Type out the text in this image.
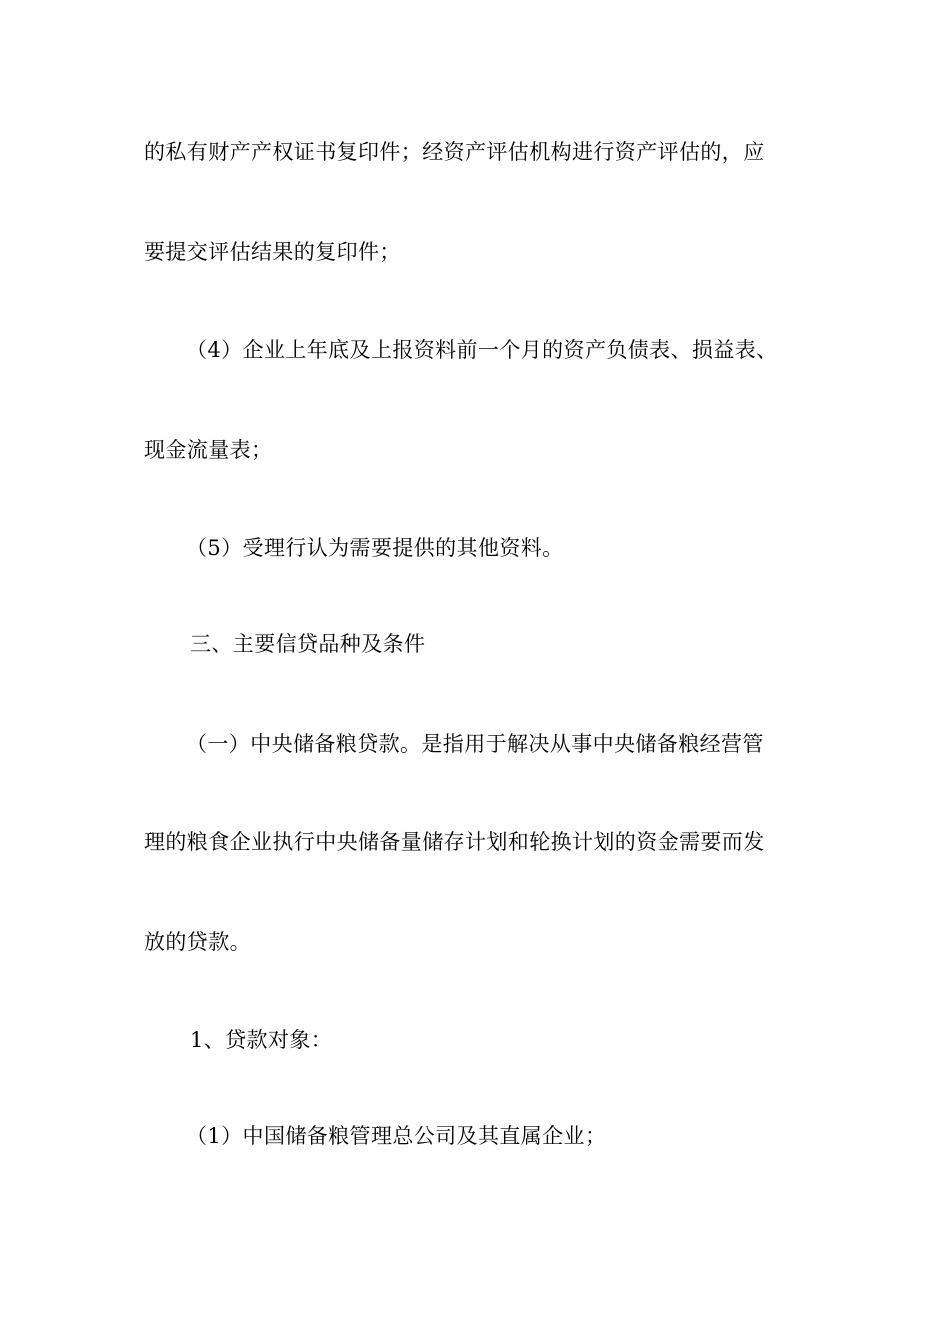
的私有财产产权证书复印件；经资产评估机构进行资产评估的，应
要提交评估结果的复印件；
（4）企业上年底及上报资料前一个月的资产负债表、损益表、
现金流量表；
（5）受理行认为需要提供的其他资料。
三、主要信贷品种及条件
（一）中央储备粮贷款。是指用于解决从事中央储备粮经营管
理的粮食企业执行中央储备量储存计划和轮换计划的资金需要而发
放的贷款。
1、贷款对象：
（1）中国储备粮管理总公司及其直属企业；
